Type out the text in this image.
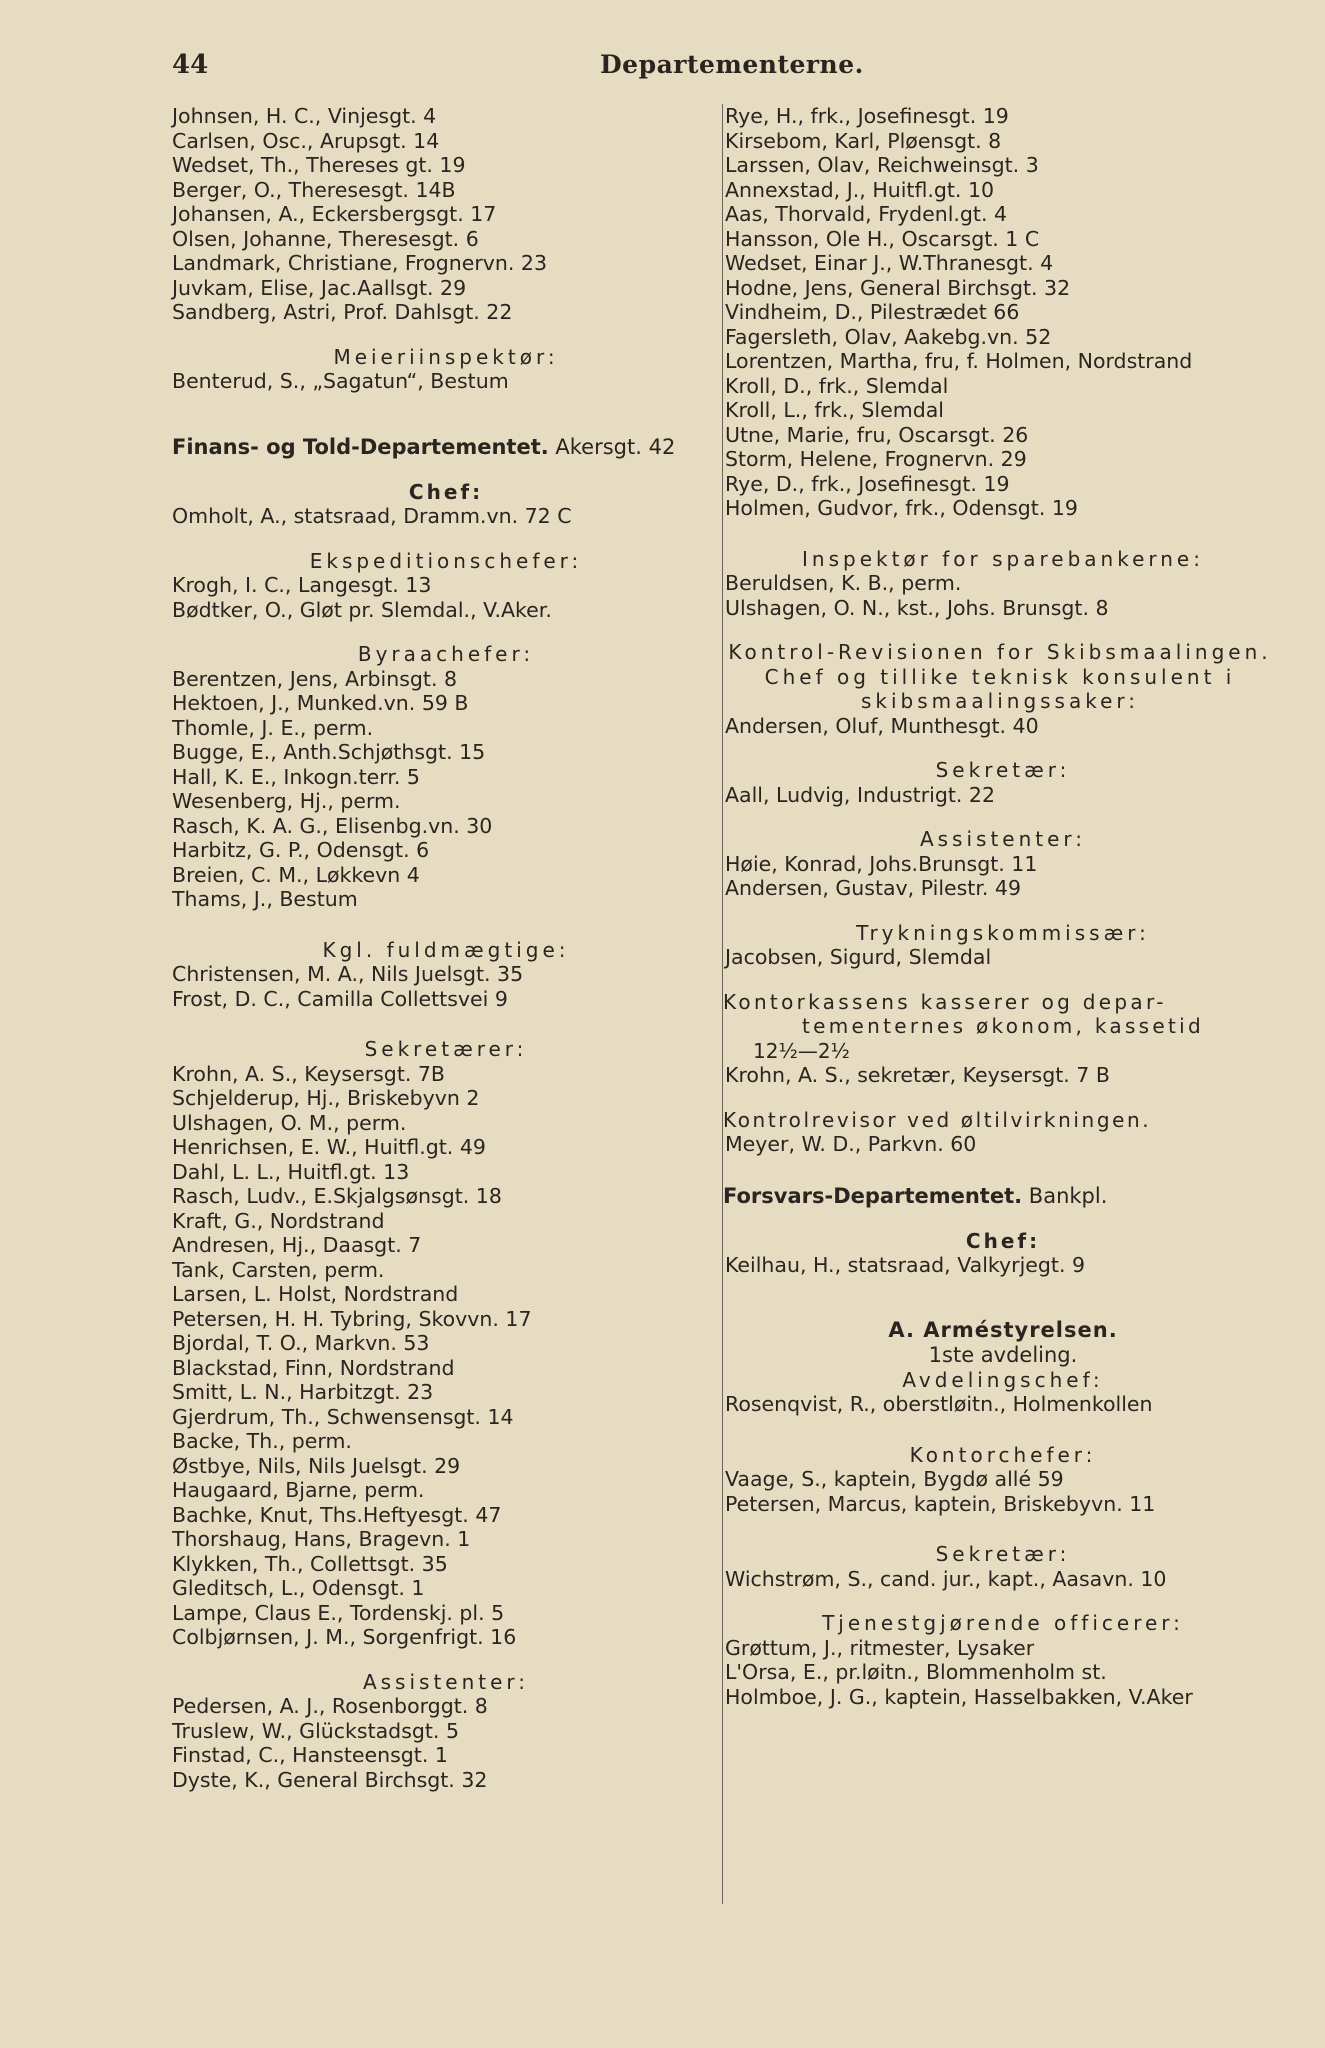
44	Departementerne.
Johnsen, H. C., Vinjesgt. 4
Carlsen, Osc., Arupsgt. 14
Wedset, Th., Thereses gt. 19
Berger, O., Theresesgt. 14B
Johansen, A., Eckersbergsgt. 17
Olsen, Johanne, Theresesgt. 6
Landmark, Christiane, Frognervn. 23
Juvkam, Elise, Jac.Aallsgt. 29
Sandberg, Astri, Prof. Dahlsgt. 22
Meieriinspektør:
Benterud, S., „Sagatun“, Bestum
Finans- og Told-Departementet. Akersgt. 42
Chef:
Omholt, A., statsraad, Dramm.vn. 72 C
Ekspeditionschefer:
Krogh, I. C., Langesgt. 13
Bødtker, O., Gløt pr. Slemdal., V.Aker.
Byraachefer:
Berentzen, Jens, Arbinsgt. 8
Hektoen, J., Munked.vn. 59 B
Thomle, J. E., perm.
Bugge, E., Anth.Schjøthsgt. 15
Hall, K. E., Inkogn.terr. 5
Wesenberg, Hj., perm.
Rasch, K. A. G., Elisenbg.vn. 30
Harbitz, G. P., Odensgt. 6
Breien, C. M., Løkkevn 4
Thams, J., Bestum
Kgl. fuldmægtige:
Christensen, M. A., Nils Juelsgt. 35
Frost, D. C., Camilla Collettsvei 9
Sekretærer:
Krohn, A. S., Keysersgt. 7B
Schjelderup, Hj., Briskebyvn 2
Ulshagen, O. M., perm.
Henrichsen, E. W., Huitfl.gt. 49
Dahl, L. L., Huitfl.gt. 13
Rasch, Ludv., E.Skjalgsønsgt. 18
Kraft, G., Nordstrand
Andresen, Hj., Daasgt. 7
Tank, Carsten, perm.
Larsen, L. Holst, Nordstrand
Petersen, H. H. Tybring, Skovvn. 17
Bjordal, T. O., Markvn. 53
Blackstad, Finn, Nordstrand
Smitt, L. N., Harbitzgt. 23
Gjerdrum, Th., Schwensensgt. 14
Backe, Th., perm.
Østbye, Nils, Nils Juelsgt. 29
Haugaard, Bjarne, perm.
Bachke, Knut, Ths.Heftyesgt. 47
Thorshaug, Hans, Bragevn. 1
Klykken, Th., Collettsgt. 35
Gleditsch, L., Odensgt. 1
Lampe, Claus E., Tordenskj. pl. 5
Colbjørnsen, J. M., Sorgenfrigt. 16
Assistenter:
Pedersen, A. J., Rosenborggt. 8
Truslew, W., Glückstadsgt. 5
Finstad, C., Hansteensgt. 1
Dyste, K., General Birchsgt. 32
Rye, H., frk., Josefinesgt. 19
Kirsebom, Karl, Pløensgt. 8
Larssen, Olav, Reichweinsgt. 3
Annexstad, J., Huitfl.gt. 10
Aas, Thorvald, Frydenl.gt. 4
Hansson, Ole H., Oscarsgt. 1 C
Wedset, Einar J., W.Thranesgt. 4
Hodne, Jens, General Birchsgt. 32
Vindheim, D., Pilestrædet 66
Fagersleth, Olav, Aakebg.vn. 52
Lorentzen, Martha, fru, f. Holmen, Nordstrand
Kroll, D., frk., Slemdal
Kroll, L., frk., Slemdal
Utne, Marie, fru, Oscarsgt. 26
Storm, Helene, Frognervn. 29
Rye, D., frk., Josefinesgt. 19
Holmen, Gudvor, frk., Odensgt. 19
Inspektør for sparebankerne:
Beruldsen, K. B., perm.
Ulshagen, O. N., kst., Johs. Brunsgt. 8
Kontrol-Revisionen for Skibsmaalingen.
Chef og tillike teknisk konsulent i skibsmaalingssaker:
Andersen, Oluf, Munthesgt. 40
Sekretær:
Aall, Ludvig, Industrigt. 22
Assistenter:
Høie, Konrad, Johs.Brunsgt. 11
Andersen, Gustav, Pilestr. 49
Trykningskommissær:
Jacobsen, Sigurd, Slemdal
Kontorkassens kasserer og depar-
tementernes økonom, kassetid
12½—2½
Krohn, A. S., sekretær, Keysersgt. 7 B
Kontrolrevisor ved øltilvirkningen.
Meyer, W. D., Parkvn. 60
Forsvars-Departementet. Bankpl.
Chef:
Keilhau, H., statsraad, Valkyrjegt. 9
A. Arméstyrelsen.
1ste avdeling.
Avdelingschef:
Rosenqvist, R., oberstløitn., Holmenkollen
Kontorchefer:
Vaage, S., kaptein, Bygdø allé 59
Petersen, Marcus, kaptein, Briskebyvn. 11
Sekretær:
Wichstrøm, S., cand. jur., kapt., Aasavn. 10
Tjenestgjørende officerer:
Grøttum, J., ritmester, Lysaker
L'Orsa, E., pr.løitn., Blommenholm st.
Holmboe, J. G., kaptein, Hasselbakken, V.Aker
